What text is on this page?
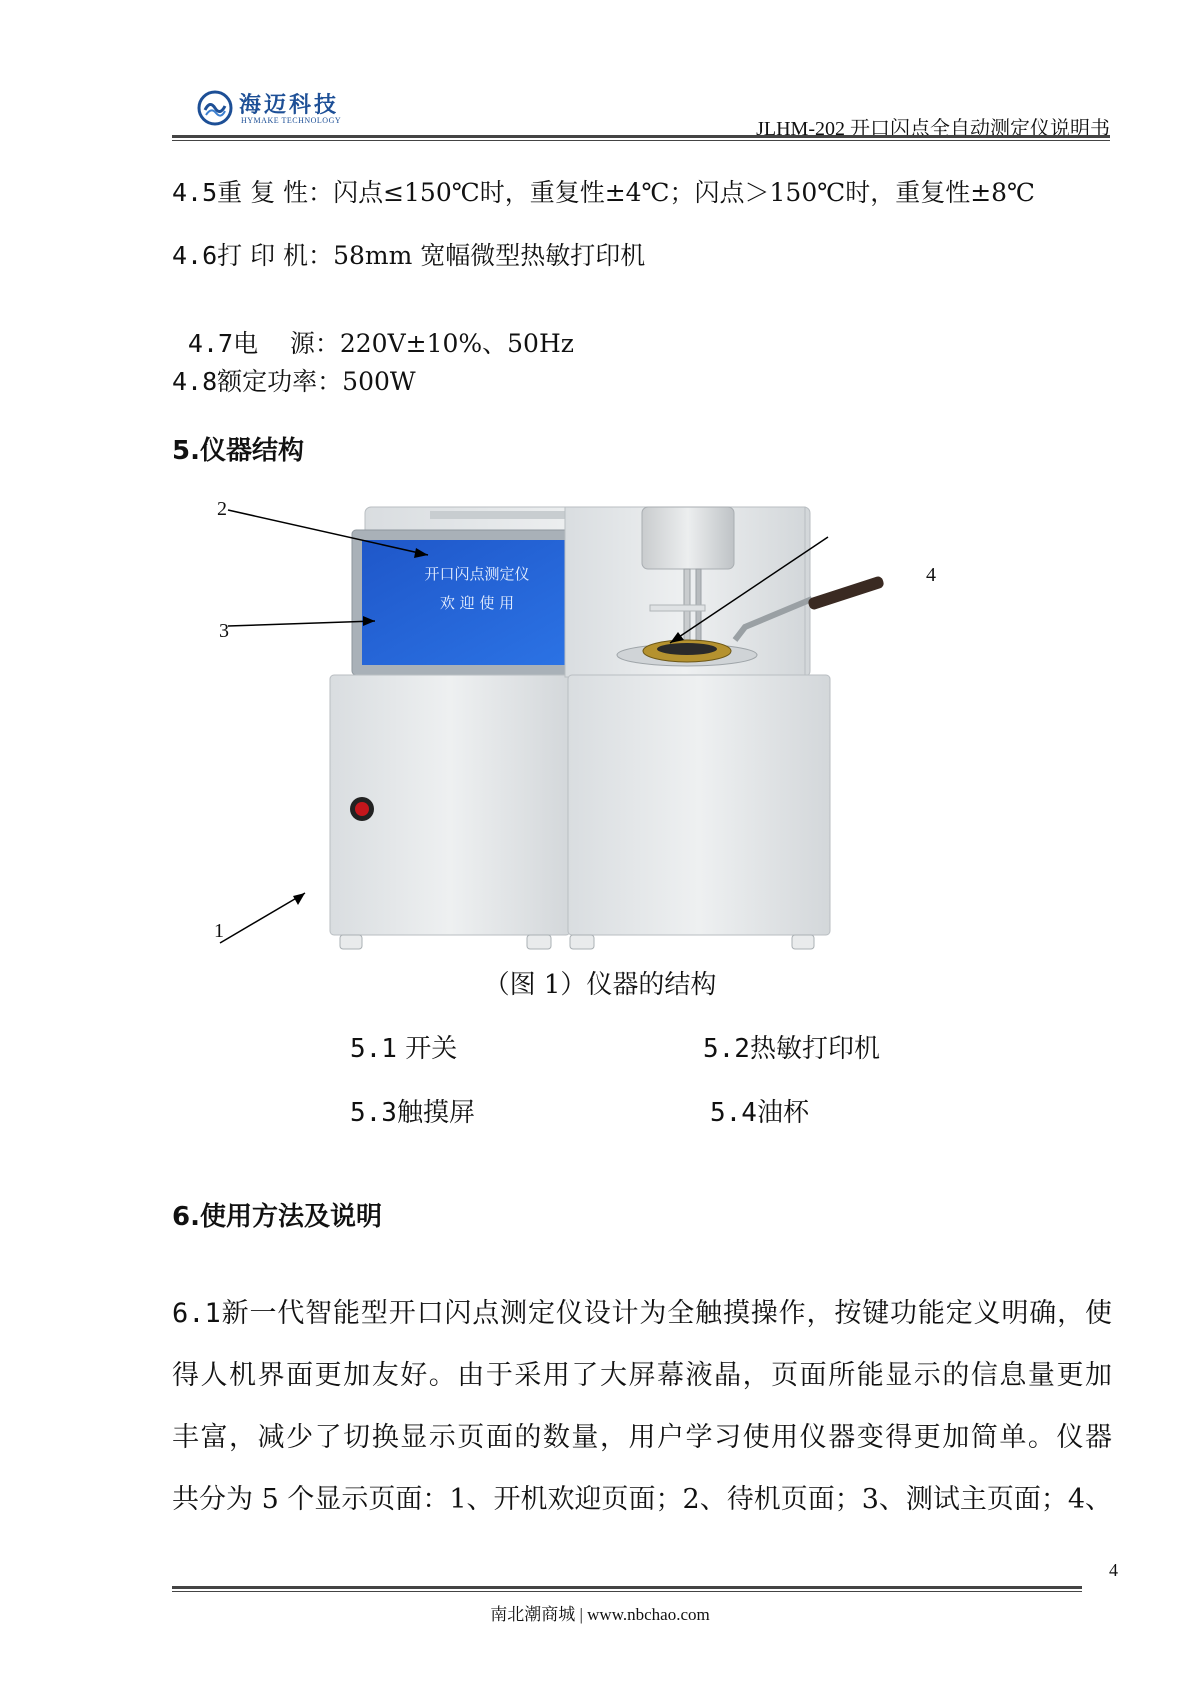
海迈科技
HYMAKE TECHNOLOGY	JLHM-202 开口闪点全自动测定仪说明书
4.5重 复 性：闪点≤150℃时，重复性±4℃；闪点＞150℃时，重复性±8℃
4.6打 印 机：58mm 宽幅微型热敏打印机

4.7电    源：220V±10%、50Hz

4.8额定功率：500W
5.仪器结构
开口闪点测定仪
欢 迎 使 用
2
3
4
1
（图 1）仪器的结构
5.1 开关	5.2热敏打印机
5.3触摸屏	5.4油杯
6.使用方法及说明
6.1新一代智能型开口闪点测定仪设计为全触摸操作，按键功能定义明确，使
得人机界面更加友好。由于采用了大屏幕液晶，页面所能显示的信息量更加
丰富，减少了切换显示页面的数量，用户学习使用仪器变得更加简单。仪器
共分为 5 个显示页面：1、开机欢迎页面；2、待机页面；3、测试主页面；4、
4
南北潮商城 | www.nbchao.com
